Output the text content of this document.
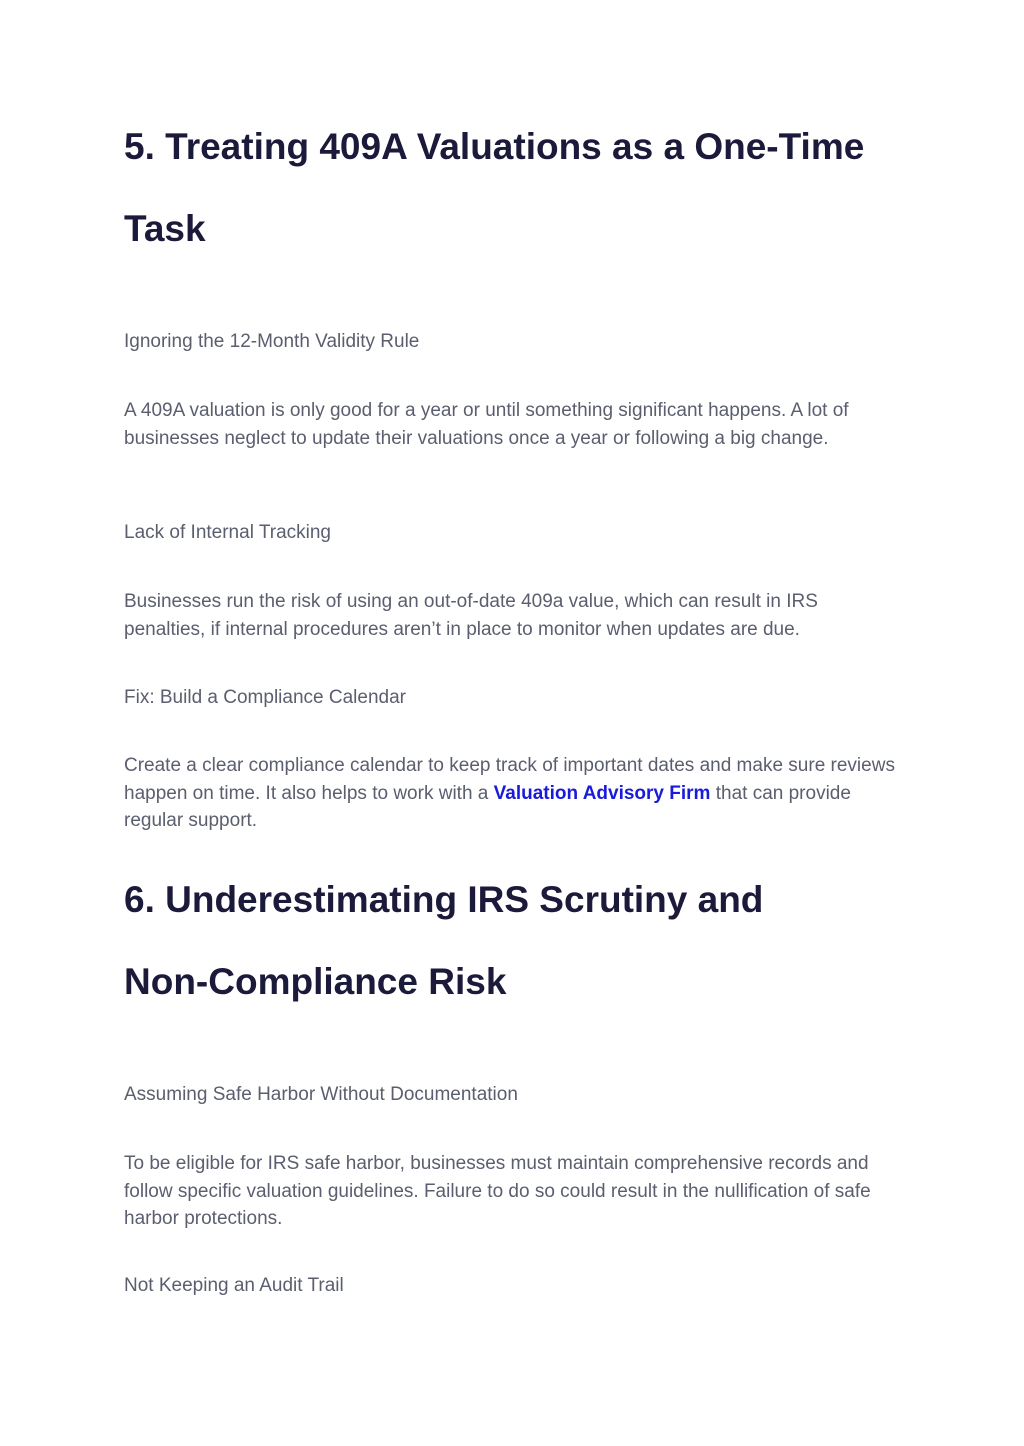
5. Treating 409A Valuations as a One-Time
Task

Ignoring the 12-Month Validity Rule

A 409A valuation is only good for a year or until something significant happens. A lot of businesses neglect to update their valuations once a year or following a big change.

Lack of Internal Tracking

Businesses run the risk of using an out-of-date 409a value, which can result in IRS penalties, if internal procedures aren’t in place to monitor when updates are due.

Fix: Build a Compliance Calendar

Create a clear compliance calendar to keep track of important dates and make sure reviews happen on time. It also helps to work with a Valuation Advisory Firm that can provide regular support.

6. Underestimating IRS Scrutiny and
Non-Compliance Risk

Assuming Safe Harbor Without Documentation

To be eligible for IRS safe harbor, businesses must maintain comprehensive records and follow specific valuation guidelines. Failure to do so could result in the nullification of safe harbor protections.

Not Keeping an Audit Trail
